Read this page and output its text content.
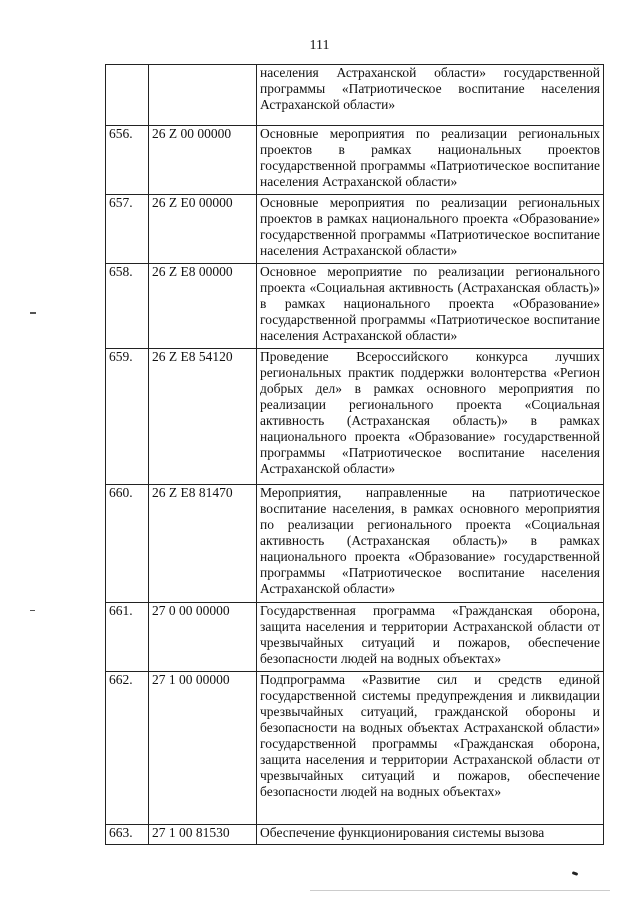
111
		населения Астраханской области» государственной программы «Патриотическое воспитание населения Астраханской области»
656.	26 Z 00 00000	Основные мероприятия по реализации региональных проектов в рамках национальных проектов государственной программы «Патриотическое воспитание населения Астраханской области»
657.	26 Z E0 00000	Основные мероприятия по реализации региональных проектов в рамках национального проекта «Образование» государственной программы «Патриотическое воспитание населения Астраханской области»
658.	26 Z E8 00000	Основное мероприятие по реализации регионального проекта «Социальная активность (Астраханская область)» в рамках национального проекта «Образование» государственной программы «Патриотическое воспитание населения Астраханской области»
659.	26 Z E8 54120	Проведение Всероссийского конкурса лучших региональных практик поддержки волонтерства «Регион добрых дел» в рамках основного мероприятия по реализации регионального проекта «Социальная активность (Астраханская область)» в рамках национального проекта «Образование» государственной программы «Патриотическое воспитание населения Астраханской области»
660.	26 Z E8 81470	Мероприятия, направленные на патриотическое воспитание населения, в рамках основного мероприятия по реализации регионального проекта «Социальная активность (Астраханская область)» в рамках национального проекта «Образование» государственной программы «Патриотическое воспитание населения Астраханской области»
661.	27 0 00 00000	Государственная программа «Гражданская оборона, защита населения и территории Астраханской области от чрезвычайных ситуаций и пожаров, обеспечение безопасности людей на водных объектах»
662.	27 1 00 00000	Подпрограмма «Развитие сил и средств единой государственной системы предупреждения и ликвидации чрезвычайных ситуаций, гражданской обороны и безопасности на водных объектах Астраханской области» государственной программы «Гражданская оборона, защита населения и территории Астраханской области от чрезвычайных ситуаций и пожаров, обеспечение безопасности людей на водных объектах»
663.	27 1 00 81530	Обеспечение функционирования системы вызова
